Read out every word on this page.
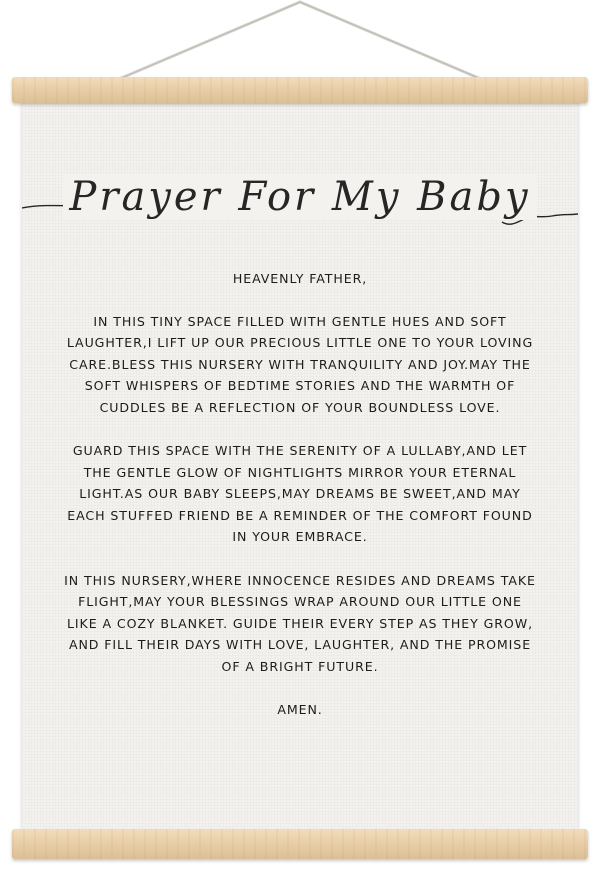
Prayer For My Baby

HEAVENLY FATHER,

IN THIS TINY SPACE FILLED WITH GENTLE HUES AND SOFT LAUGHTER,I LIFT UP OUR PRECIOUS LITTLE ONE TO YOUR LOVING CARE.BLESS THIS NURSERY WITH TRANQUILITY AND JOY.MAY THE SOFT WHISPERS OF BEDTIME STORIES AND THE WARMTH OF CUDDLES BE A REFLECTION OF YOUR BOUNDLESS LOVE.

GUARD THIS SPACE WITH THE SERENITY OF A LULLABY,AND LET THE GENTLE GLOW OF NIGHTLIGHTS MIRROR YOUR ETERNAL LIGHT.AS OUR BABY SLEEPS,MAY DREAMS BE SWEET,AND MAY EACH STUFFED FRIEND BE A REMINDER OF THE COMFORT FOUND IN YOUR EMBRACE.

IN THIS NURSERY,WHERE INNOCENCE RESIDES AND DREAMS TAKE FLIGHT,MAY YOUR BLESSINGS WRAP AROUND OUR LITTLE ONE LIKE A COZY BLANKET. GUIDE THEIR EVERY STEP AS THEY GROW, AND FILL THEIR DAYS WITH LOVE, LAUGHTER, AND THE PROMISE OF A BRIGHT FUTURE.

AMEN.
